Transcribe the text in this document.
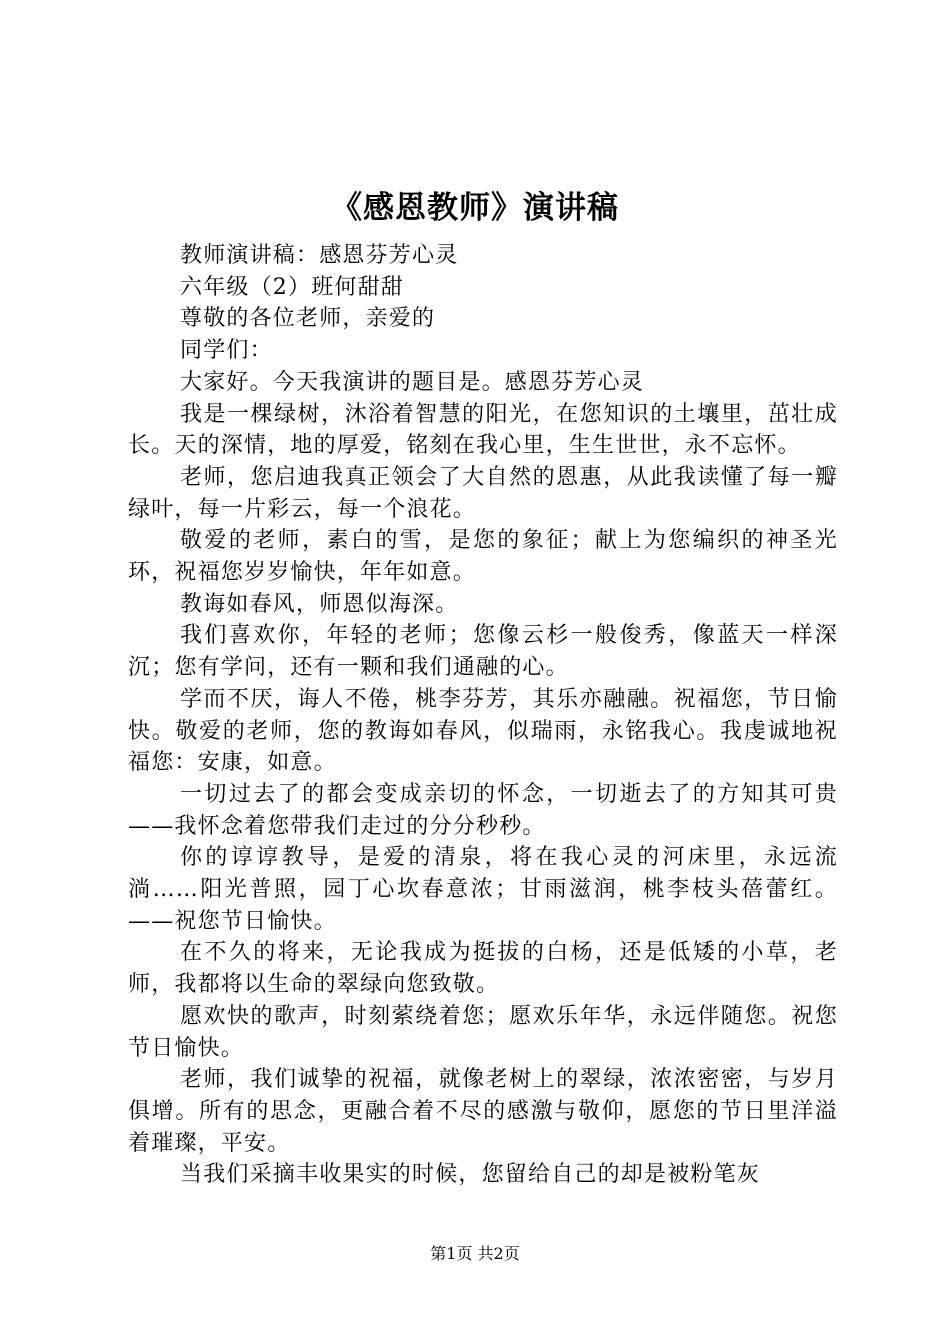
《感恩教师》演讲稿

教师演讲稿：感恩芬芳心灵

六年级（2）班何甜甜

尊敬的各位老师，亲爱的

同学们：

大家好。今天我演讲的题目是。感恩芬芳心灵

我是一棵绿树，沐浴着智慧的阳光，在您知识的土壤里，茁壮成长。天的深情，地的厚爱，铭刻在我心里，生生世世，永不忘怀。

老师，您启迪我真正领会了大自然的恩惠，从此我读懂了每一瓣绿叶，每一片彩云，每一个浪花。

敬爱的老师，素白的雪，是您的象征；献上为您编织的神圣光环，祝福您岁岁愉快，年年如意。

教诲如春风，师恩似海深。

我们喜欢你，年轻的老师；您像云杉一般俊秀，像蓝天一样深沉；您有学问，还有一颗和我们通融的心。

学而不厌，诲人不倦，桃李芬芳，其乐亦融融。祝福您，节日愉快。敬爱的老师，您的教诲如春风，似瑞雨，永铭我心。我虔诚地祝福您：安康，如意。

一切过去了的都会变成亲切的怀念，一切逝去了的方知其可贵——我怀念着您带我们走过的分分秒秒。

你的谆谆教导，是爱的清泉，将在我心灵的河床里，永远流淌……阳光普照，园丁心坎春意浓；甘雨滋润，桃李枝头蓓蕾红。——祝您节日愉快。

在不久的将来，无论我成为挺拔的白杨，还是低矮的小草，老师，我都将以生命的翠绿向您致敬。

愿欢快的歌声，时刻萦绕着您；愿欢乐年华，永远伴随您。祝您节日愉快。

老师，我们诚挚的祝福，就像老树上的翠绿，浓浓密密，与岁月俱增。所有的思念，更融合着不尽的感激与敬仰，愿您的节日里洋溢着璀璨，平安。

当我们采摘丰收果实的时候，您留给自己的却是被粉笔灰

第1页 共2页
